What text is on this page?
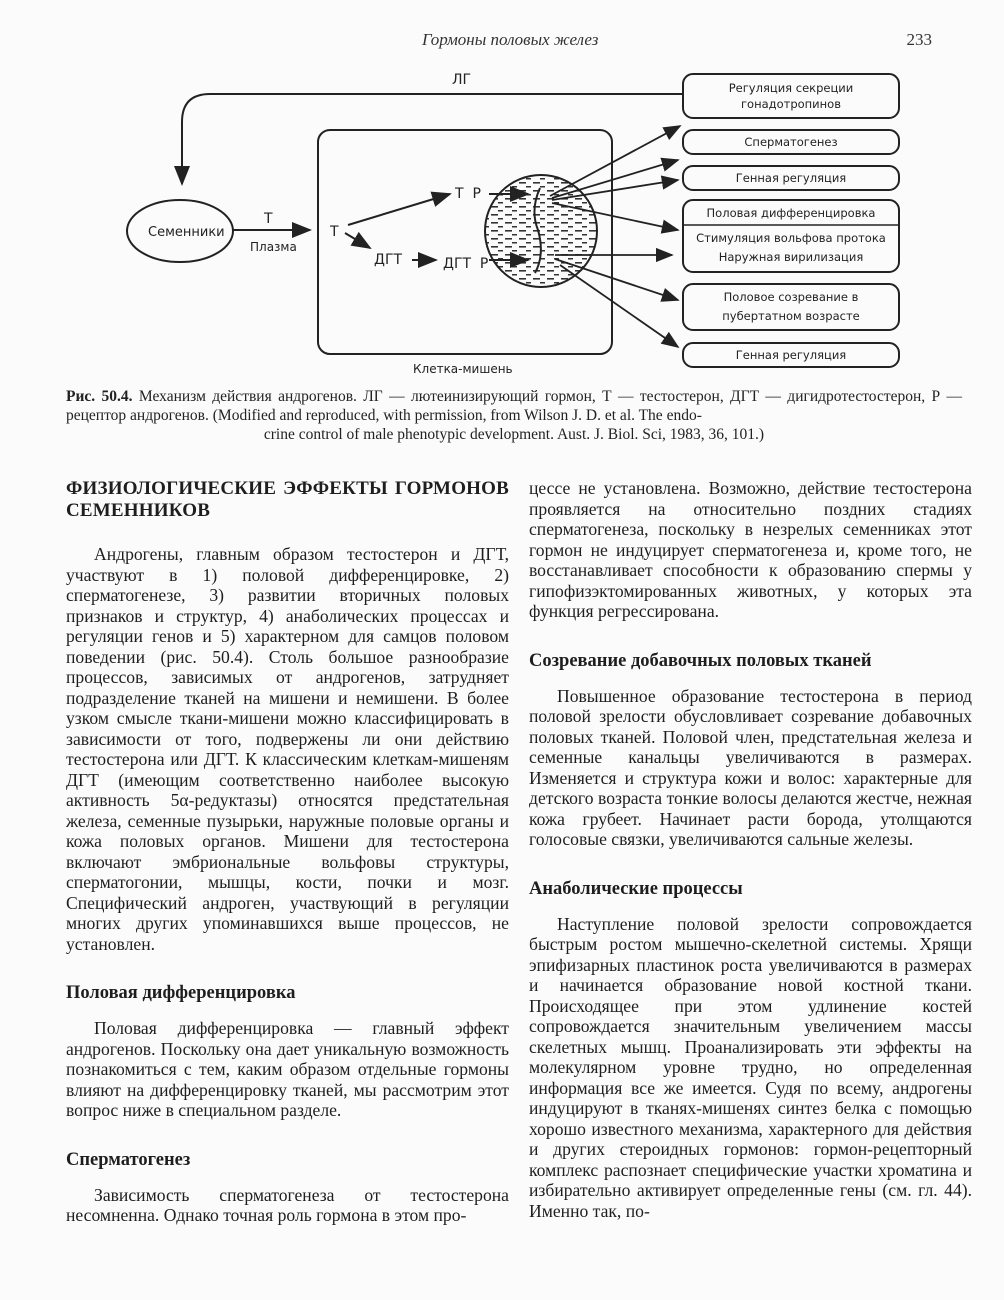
Гормоны половых желез	233
ЛГ
Семенники
Т
Плазма
Клетка-мишень
Т
Т  Р
ДГТ	ДГТ  Р
Регуляция секреции
гонадотропинов
Сперматогенез
Генная регуляция
Половая дифференцировка
Стимуляция вольфова протока
Наружная вирилизация
Половое созревание в
пубертатном возрасте
Генная регуляция
Рис. 50.4. Механизм действия андрогенов. ЛГ — лютеинизирующий гормон, Т — тестостерон, ДГТ — дигидротестостерон, Р — рецептор андрогенов. (Modified and reproduced, with permission, from Wilson J. D. et al. The endo-
crine control of male phenotypic development. Aust. J. Biol. Sci, 1983, 36, 101.)
ФИЗИОЛОГИЧЕСКИЕ ЭФФЕКТЫ ГОРМОНОВ СЕМЕННИКОВ

Андрогены, главным образом тестостерон и ДГТ, участвуют в 1) половой дифференцировке, 2) сперматогенезе, 3) развитии вторичных половых признаков и структур, 4) анаболических процессах и регуляции генов и 5) характерном для самцов половом поведении (рис. 50.4). Столь большое разнообразие процессов, зависимых от андрогенов, затрудняет подразделение тканей на мишени и немишени. В более узком смысле ткани-мишени можно классифицировать в зависимости от того, подвержены ли они действию тестостерона или ДГТ. К классическим клеткам-мишеням ДГТ (имеющим соответственно наиболее высокую активность 5α-редуктазы) относятся предстательная железа, семенные пузырьки, наружные половые органы и кожа половых органов. Мишени для тестостерона включают эмбриональные вольфовы структуры, сперматогонии, мышцы, кости, почки и мозг. Специфический андроген, участвующий в регуляции многих других упоминавшихся выше процессов, не установлен.

Половая дифференцировка

Половая дифференцировка — главный эффект андрогенов. Поскольку она дает уникальную возможность познакомиться с тем, каким образом отдельные гормоны влияют на дифференцировку тканей, мы рассмотрим этот вопрос ниже в специальном разделе.

Сперматогенез

Зависимость сперматогенеза от тестостерона несомненна. Однако точная роль гормона в этом про-

цессе не установлена. Возможно, действие тестостерона проявляется на относительно поздних стадиях сперматогенеза, поскольку в незрелых семенниках этот гормон не индуцирует сперматогенеза и, кроме того, не восстанавливает способности к образованию спермы у гипофизэктомированных животных, у которых эта функция регрессирована.

Созревание добавочных половых тканей

Повышенное образование тестостерона в период половой зрелости обусловливает созревание добавочных половых тканей. Половой член, предстательная железа и семенные канальцы увеличиваются в размерах. Изменяется и структура кожи и волос: характерные для детского возраста тонкие волосы делаются жестче, нежная кожа грубеет. Начинает расти борода, утолщаются голосовые связки, увеличиваются сальные железы.

Анаболические процессы

Наступление половой зрелости сопровождается быстрым ростом мышечно-скелетной системы. Хрящи эпифизарных пластинок роста увеличиваются в размерах и начинается образование новой костной ткани. Происходящее при этом удлинение костей сопровождается значительным увеличением массы скелетных мышц. Проанализировать эти эффекты на молекулярном уровне трудно, но определенная информация все же имеется. Судя по всему, андрогены индуцируют в тканях-мишенях синтез белка с помощью хорошо известного механизма, характерного для действия и других стероидных гормонов: гормон-рецепторный комплекс распознает специфические участки хроматина и избирательно активирует определенные гены (см. гл. 44). Именно так, по-
